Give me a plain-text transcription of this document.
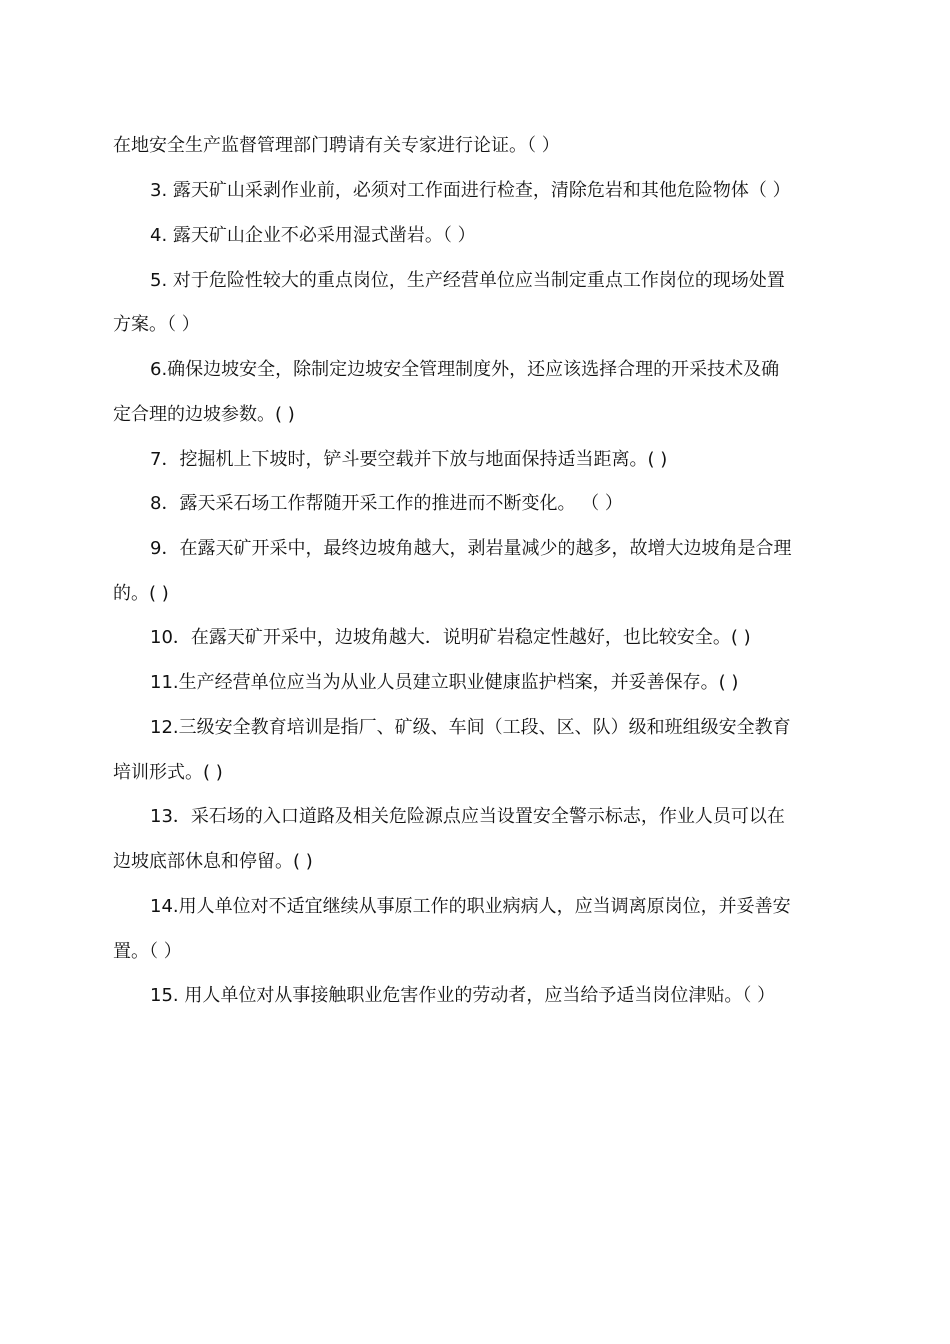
在地安全生产监督管理部门聘请有关专家进行论证。（ ）
3. 露天矿山采剥作业前，必须对工作面进行检查，清除危岩和其他危险物体（ ）
4. 露天矿山企业不必采用湿式凿岩。（ ）
5. 对于危险性较大的重点岗位，生产经营单位应当制定重点工作岗位的现场处置
方案。（ ）
6.确保边坡安全，除制定边坡安全管理制度外，还应该选择合理的开采技术及确
定合理的边坡参数。( )
7．挖掘机上下坡时，铲斗要空载并下放与地面保持适当距离。( )
8．露天采石场工作帮随开采工作的推进而不断变化。 （ ）
9．在露天矿开采中，最终边坡角越大，剥岩量减少的越多，故增大边坡角是合理
的。( )
10．在露天矿开采中，边坡角越大．说明矿岩稳定性越好，也比较安全。( )
11.生产经营单位应当为从业人员建立职业健康监护档案，并妥善保存。( )
12.三级安全教育培训是指厂、矿级、车间（工段、区、队）级和班组级安全教育
培训形式。( )
13．采石场的入口道路及相关危险源点应当设置安全警示标志，作业人员可以在
边坡底部休息和停留。( )
14.用人单位对不适宜继续从事原工作的职业病病人，应当调离原岗位，并妥善安
置。（ ）
15. 用人单位对从事接触职业危害作业的劳动者，应当给予适当岗位津贴。（ ）
